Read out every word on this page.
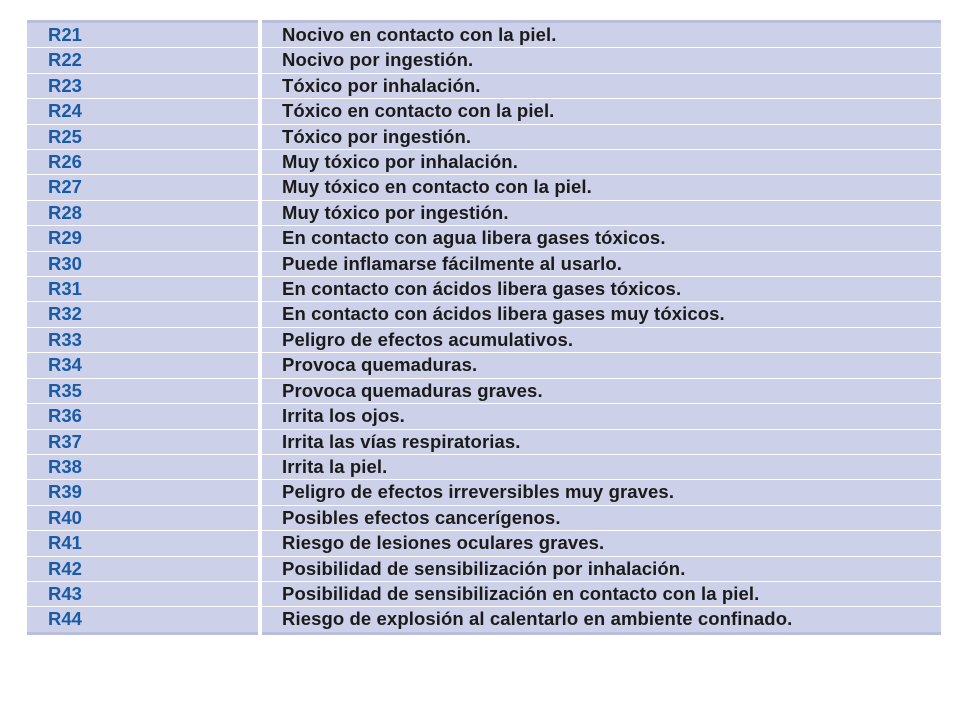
R21	Nocivo en contacto con la piel.
R22	Nocivo por ingestión.
R23	Tóxico por inhalación.
R24	Tóxico en contacto con la piel.
R25	Tóxico por ingestión.
R26	Muy tóxico por inhalación.
R27	Muy tóxico en contacto con la piel.
R28	Muy tóxico por ingestión.
R29	En contacto con agua libera gases tóxicos.
R30	Puede inflamarse fácilmente al usarlo.
R31	En contacto con ácidos libera gases tóxicos.
R32	En contacto con ácidos libera gases muy tóxicos.
R33	Peligro de efectos acumulativos.
R34	Provoca quemaduras.
R35	Provoca quemaduras graves.
R36	Irrita los ojos.
R37	Irrita las vías respiratorias.
R38	Irrita la piel.
R39	Peligro de efectos irreversibles muy graves.
R40	Posibles efectos cancerígenos.
R41	Riesgo de lesiones oculares graves.
R42	Posibilidad de sensibilización por inhalación.
R43	Posibilidad de sensibilización en contacto con la piel.
R44	Riesgo de explosión al calentarlo en ambiente confinado.
